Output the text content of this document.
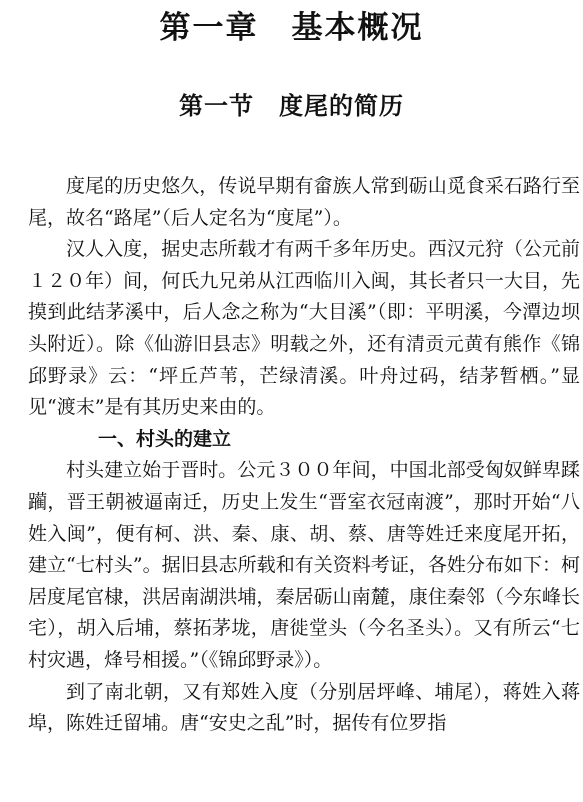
第一章　基本概况
第一节　度尾的简历

度尾的历史悠久，传说早期有畲族人常到砺山觅食采石路行至尾，故名“路尾”（后人定名为“度尾”）。

汉人入度，据史志所载才有两千多年历史。西汉元狩（公元前１２０年）间，何氏九兄弟从江西临川入闽，其长者只一大目，先摸到此结茅溪中，后人念之称为“大目溪”（即：平明溪，今潭边坝头附近）。除《仙游旧县志》明载之外，还有清贡元黄有熊作《锦邱野录》云：“坪丘芦苇，芒绿清溪。叶舟过码，结茅暂栖。”显见“渡末”是有其历史来由的。

一、村头的建立

村头建立始于晋时。公元３００年间，中国北部受匈奴鲜卑蹂躏，晋王朝被逼南迁，历史上发生“晋室衣冠南渡”，那时开始“八姓入闽”，便有柯、洪、秦、康、胡、蔡、唐等姓迁来度尾开拓，建立“七村头”。据旧县志所载和有关资料考证，各姓分布如下：柯居度尾官棣，洪居南湖洪埔，秦居砺山南麓，康住秦邻（今东峰长宅），胡入后埔，蔡拓茅垅，唐徙堂头（今名圣头）。又有所云“七村灾遇，烽号相援。”（《锦邱野录》）。

到了南北朝，又有郑姓入度（分别居坪峰、埔尾），蒋姓入蒋埠，陈姓迁留埔。唐“安史之乱”时，据传有位罗指
